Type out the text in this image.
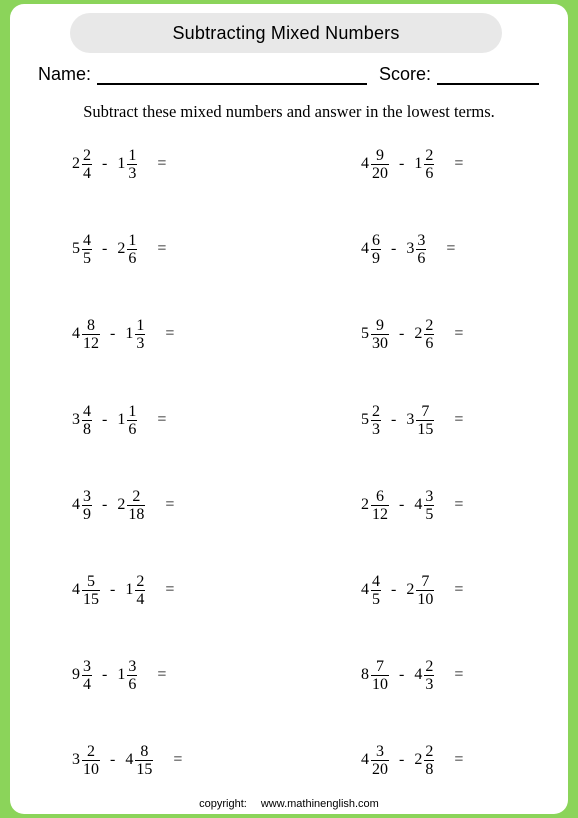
Subtracting Mixed Numbers
Name:	Score:
Subtract these mixed numbers and answer in the lowest terms.
$2 \frac{2}{4} - 1 \frac{1}{3}$ =	$4 \frac{9}{20} - 1 \frac{2}{6}$ =
$5 \frac{4}{5} - 2 \frac{1}{6}$ =	$4 \frac{6}{9} - 3 \frac{3}{6}$ =
$4 \frac{8}{12} - 1 \frac{1}{3}$ =	$5 \frac{9}{30} - 2 \frac{2}{6}$ =
$3 \frac{4}{8} - 1 \frac{1}{6}$ =	$5 \frac{2}{3} - 3 \frac{7}{15}$ =
$4 \frac{3}{9} - 2 \frac{2}{18}$ =	$2 \frac{6}{12} - 4 \frac{3}{5}$ =
$4 \frac{5}{15} - 1 \frac{2}{4}$ =	$4 \frac{4}{5} - 2 \frac{7}{10}$ =
$9 \frac{3}{4} - 1 \frac{3}{6}$ =	$8 \frac{7}{10} - 4 \frac{2}{3}$ =
$3 \frac{2}{10} - 4 \frac{8}{15}$ =	$4 \frac{3}{20} - 2 \frac{2}{8}$ =
copyright: www.mathinenglish.com
